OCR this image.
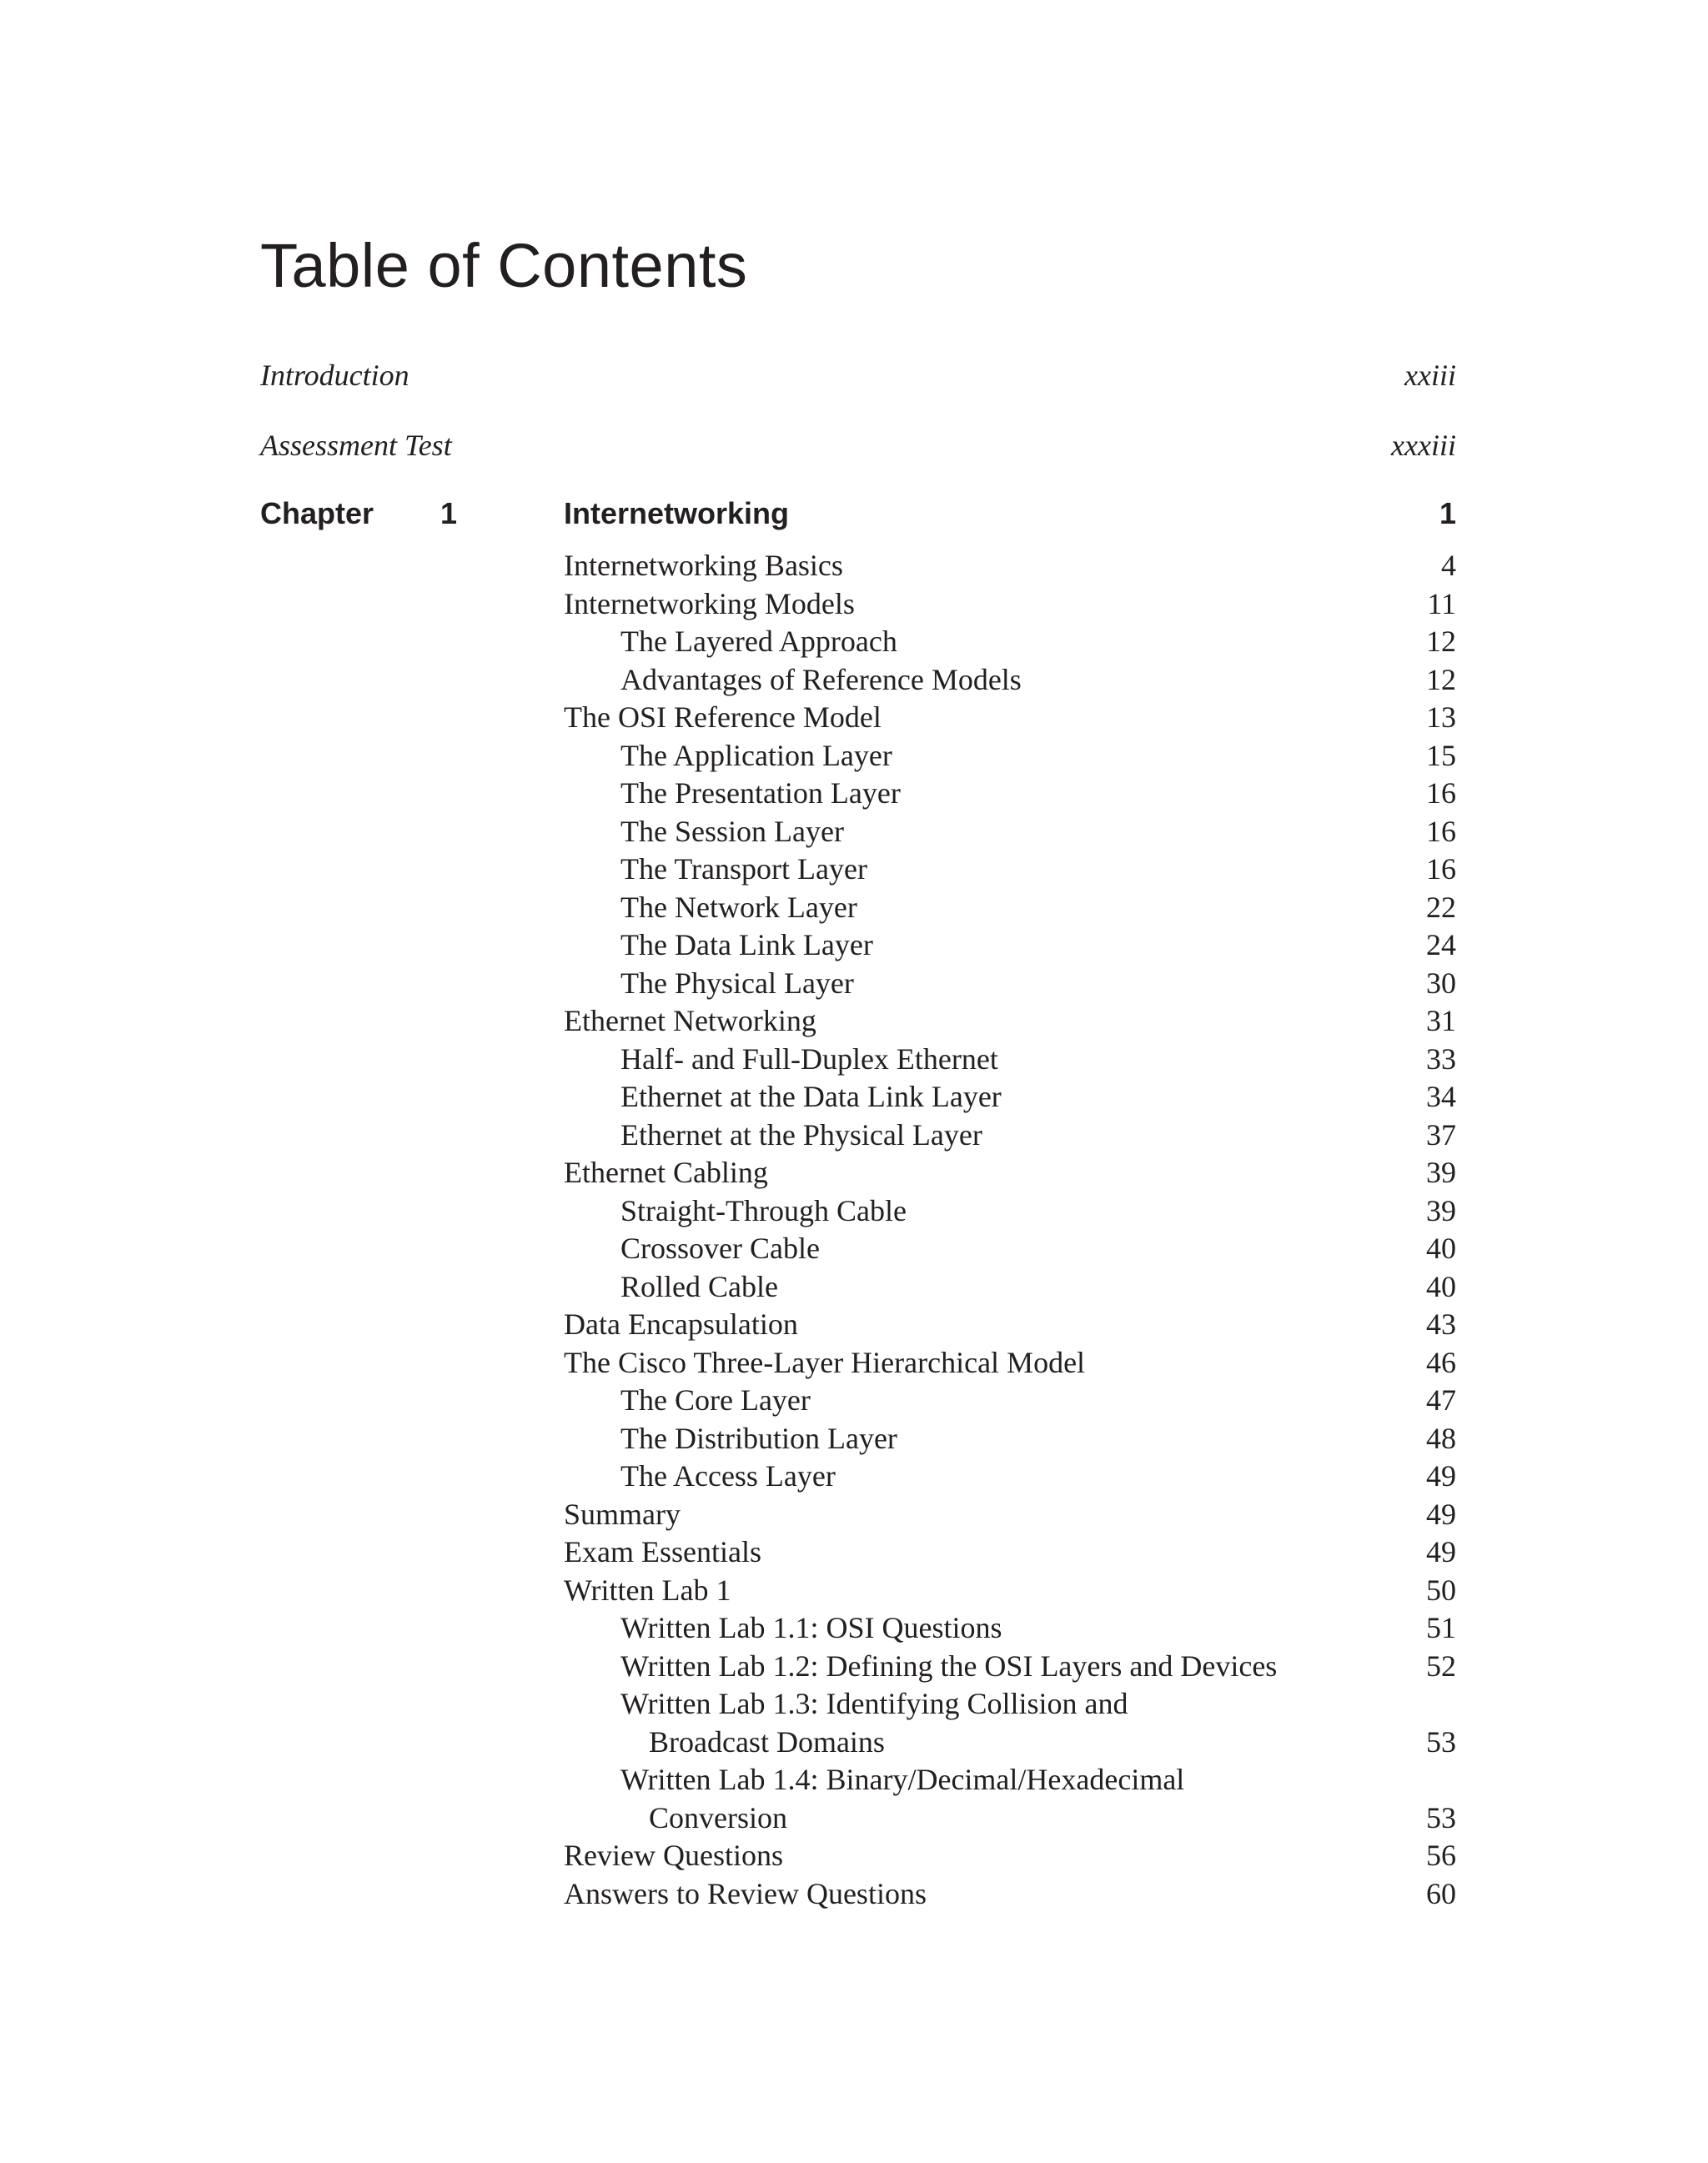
Table of Contents
Introduction	xxiii
Assessment Test	xxxiii
Chapter 1	Internetworking	1
Internetworking Basics	4
Internetworking Models	11
The Layered Approach	12
Advantages of Reference Models	12
The OSI Reference Model	13
The Application Layer	15
The Presentation Layer	16
The Session Layer	16
The Transport Layer	16
The Network Layer	22
The Data Link Layer	24
The Physical Layer	30
Ethernet Networking	31
Half- and Full-Duplex Ethernet	33
Ethernet at the Data Link Layer	34
Ethernet at the Physical Layer	37
Ethernet Cabling	39
Straight-Through Cable	39
Crossover Cable	40
Rolled Cable	40
Data Encapsulation	43
The Cisco Three-Layer Hierarchical Model	46
The Core Layer	47
The Distribution Layer	48
The Access Layer	49
Summary	49
Exam Essentials	49
Written Lab 1	50
Written Lab 1.1: OSI Questions	51
Written Lab 1.2: Defining the OSI Layers and Devices	52
Written Lab 1.3: Identifying Collision and
Broadcast Domains	53
Written Lab 1.4: Binary/Decimal/Hexadecimal
Conversion	53
Review Questions	56
Answers to Review Questions	60
